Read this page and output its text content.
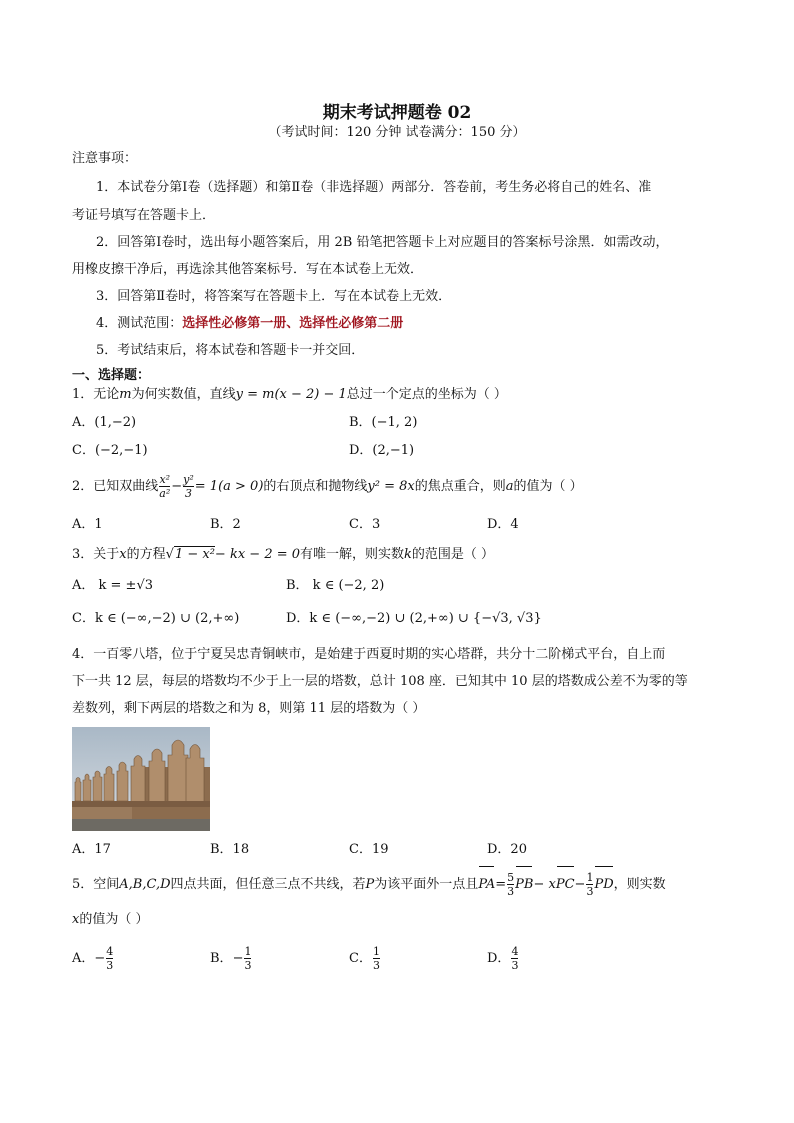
期末考试押题卷 02
（考试时间：120 分钟 试卷满分：150 分）
注意事项：
1．本试卷分第Ⅰ卷（选择题）和第Ⅱ卷（非选择题）两部分．答卷前，考生务必将自己的姓名、准
考证号填写在答题卡上．
2．回答第Ⅰ卷时，选出每小题答案后，用 2B 铅笔把答题卡上对应题目的答案标号涂黑．如需改动，
用橡皮擦干净后，再选涂其他答案标号．写在本试卷上无效．
3．回答第Ⅱ卷时，将答案写在答题卡上．写在本试卷上无效．
4．测试范围：选择性必修第一册、选择性必修第二册
5．考试结束后，将本试卷和答题卡一并交回．
一、选择题：
1．无论m为何实数值，直线y = m(x − 2) − 1总过一个定点的坐标为（ ）
A．(1,−2)	B．(−1, 2)
C．(−2,−1)	D．(2,−1)
2．已知双曲线 $\frac{\text{x²}}{\text{a²}} - \frac{\text{y²}}{3} = 1(a > 0)$的右顶点和抛物线y² = 8x的焦点重合，则a的值为（ ）
A．1	B．2	C．3	D．4
3．关于x的方程√1 − x²− kx − 2 = 0有唯一解，则实数k的范围是（ ）
A． k = ±√3	B． k ∈ (−2, 2)
C．k ∈ (−∞,−2) ∪ (2,+∞)	D．k ∈ (−∞,−2) ∪ (2,+∞) ∪ {−√3, √3}
4．一百零八塔，位于宁夏吴忠青铜峡市，是始建于西夏时期的实心塔群，共分十二阶梯式平台，自上而
下一共 12 层，每层的塔数均不少于上一层的塔数，总计 108 座．已知其中 10 层的塔数成公差不为零的等
差数列，剩下两层的塔数之和为 8，则第 11 层的塔数为（ ）
A．17	B．18	C．19	D．20
5．空间A,B,C,D四点共面，但任意三点不共线，若P为该平面外一点且$PA= \frac{5}{3} PB- xPC- \frac{1}{3}$ PD，则实数
x的值为（ ）
A．− $\frac{4}{3}$	B．− $\frac{1}{3}$	C． $\frac{1}{3}$	D． $\frac{4}{3}$
